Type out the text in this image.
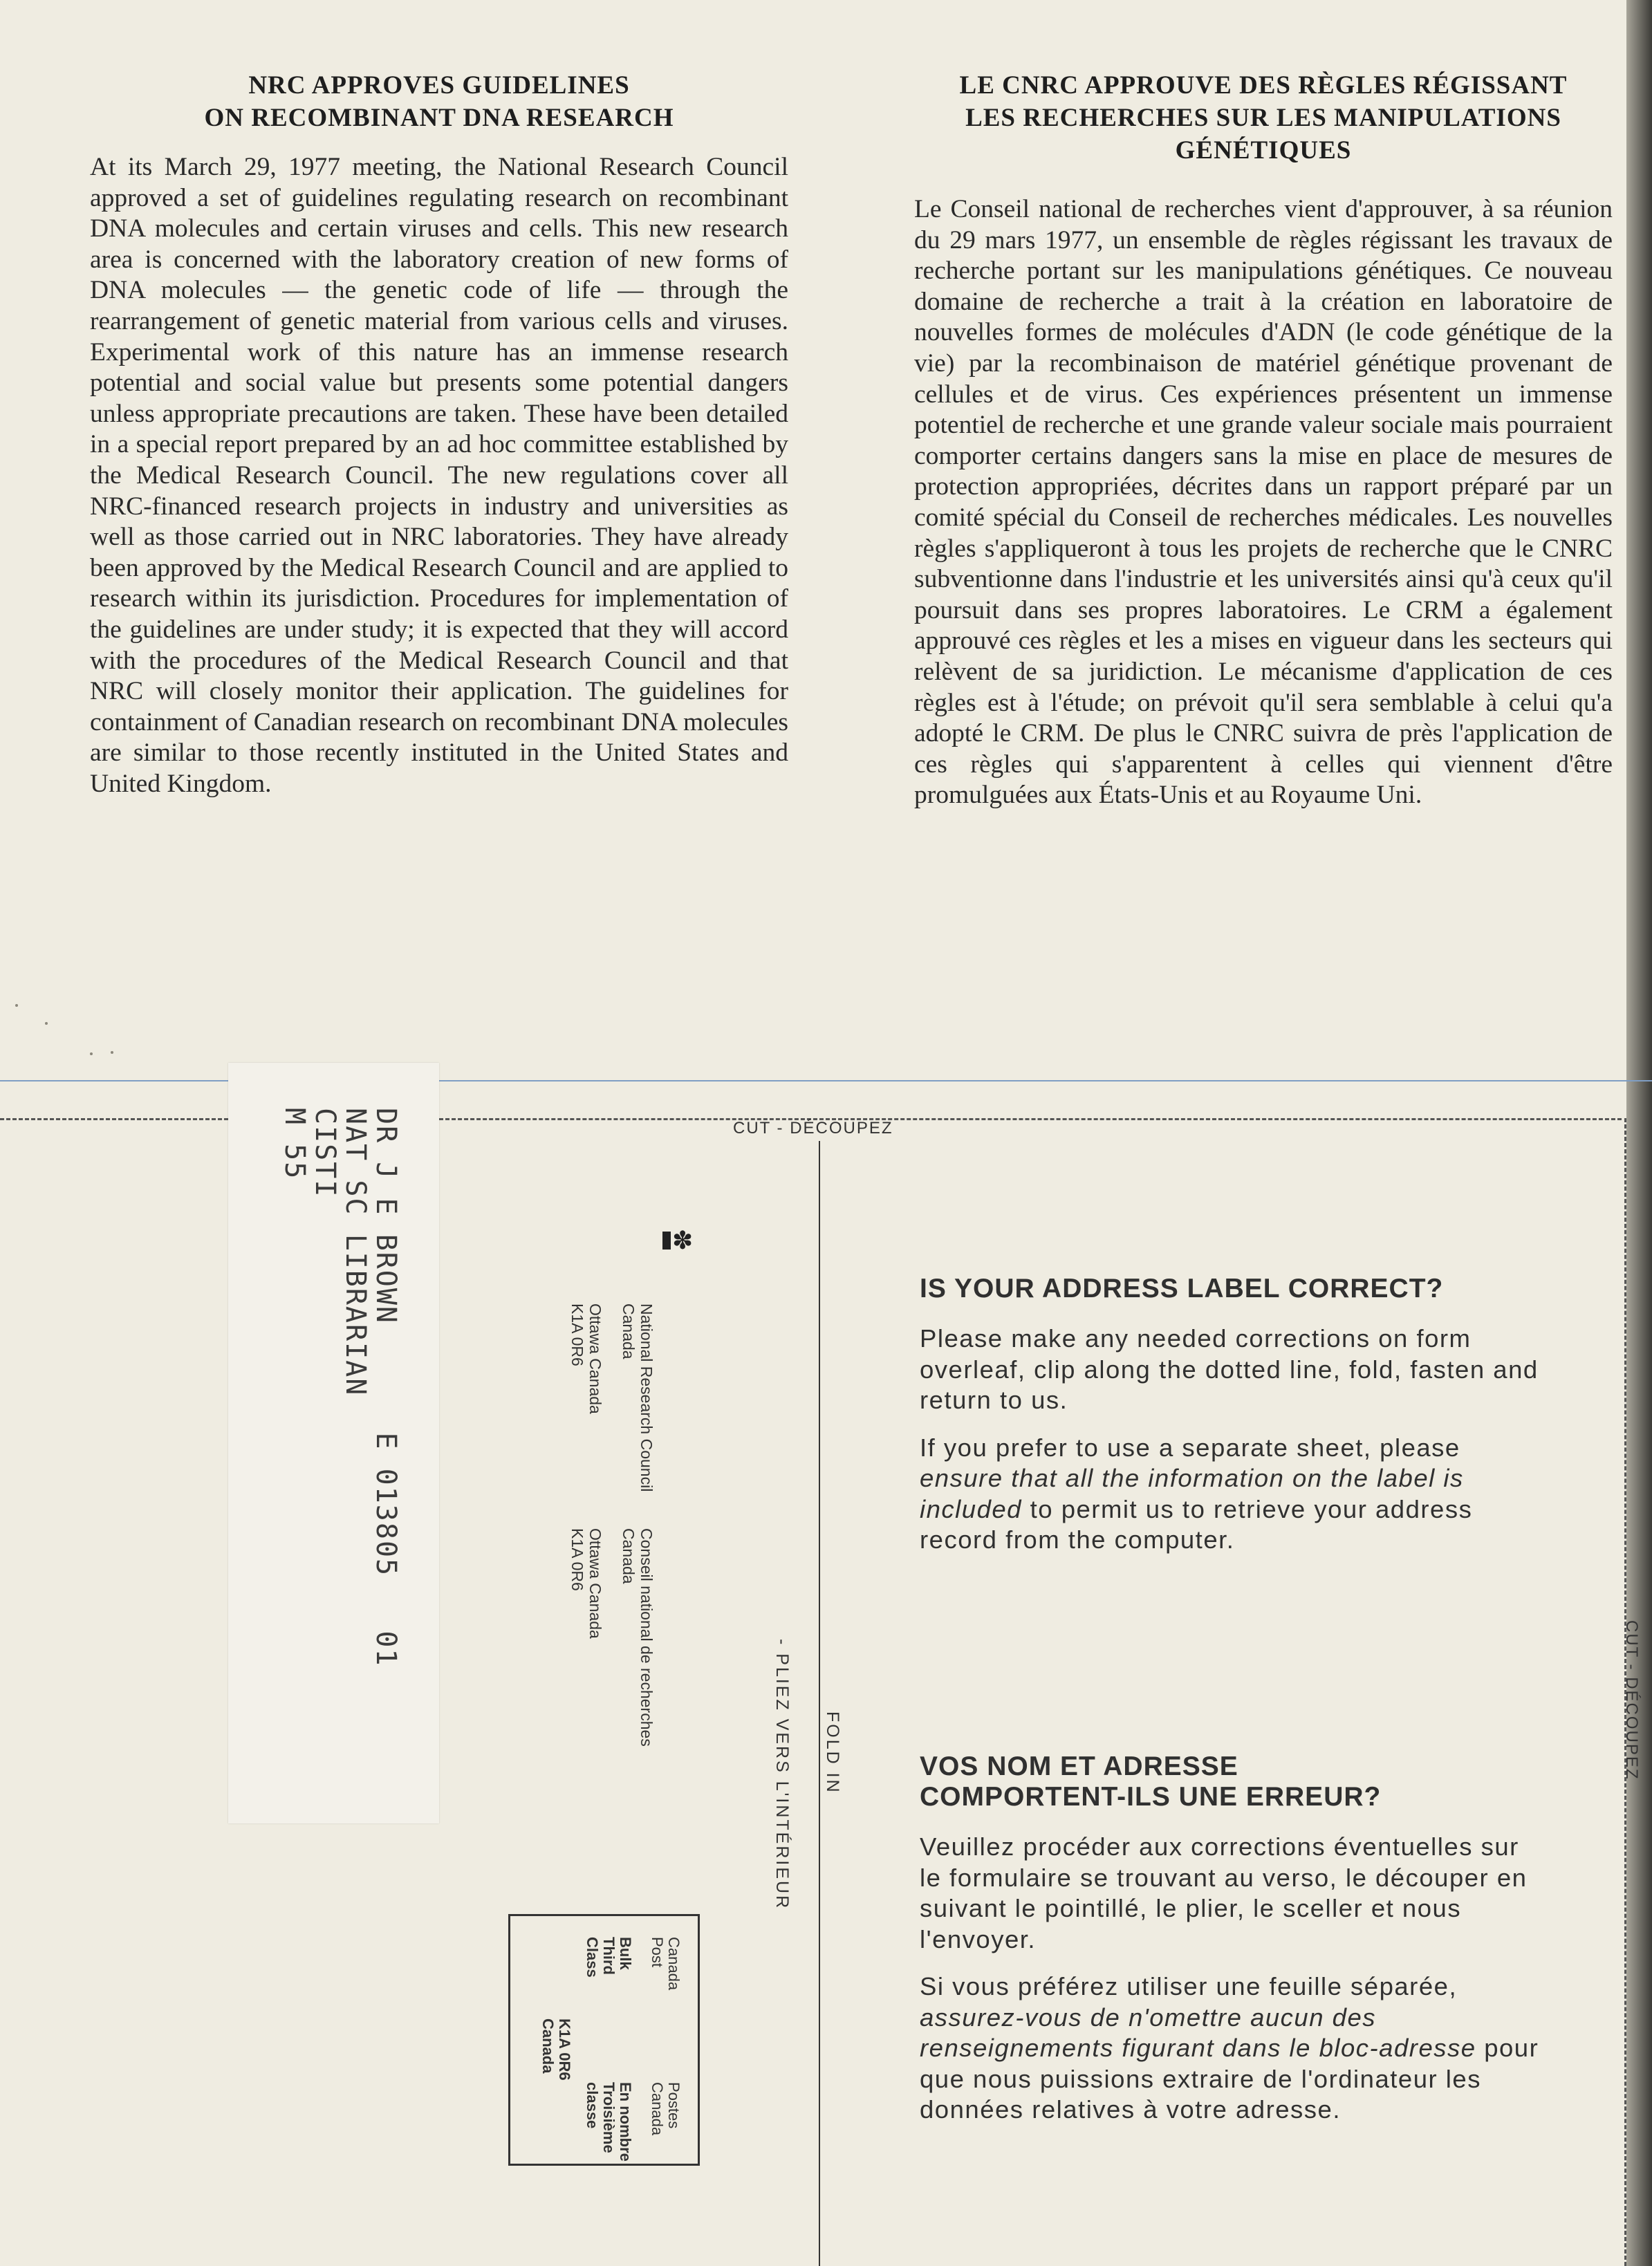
NRC APPROVES GUIDELINES
ON RECOMBINANT DNA RESEARCH

At its March 29, 1977 meeting, the National Research Council approved a set of guidelines regulating research on recombinant DNA molecules and certain viruses and cells. This new research area is concerned with the laboratory creation of new forms of DNA molecules — the genetic code of life — through the rearrangement of genetic material from various cells and viruses. Experimental work of this nature has an immense research potential and social value but presents some potential dangers unless appropriate precautions are taken. These have been detailed in a special report prepared by an ad hoc committee established by the Medical Research Council. The new regulations cover all NRC-financed research projects in industry and universities as well as those carried out in NRC laboratories. They have already been approved by the Medical Research Council and are applied to research within its jurisdiction. Procedures for implementation of the guidelines are under study; it is expected that they will accord with the procedures of the Medical Research Council and that NRC will closely monitor their application. The guidelines for containment of Canadian research on recombinant DNA molecules are similar to those recently instituted in the United States and United Kingdom.

LE CNRC APPROUVE DES RÈGLES RÉGISSANT
LES RECHERCHES SUR LES MANIPULATIONS
GÉNÉTIQUES

Le Conseil national de recherches vient d'approuver, à sa réunion du 29 mars 1977, un ensemble de règles régissant les travaux de recherche portant sur les manipulations génétiques. Ce nouveau domaine de recherche a trait à la création en laboratoire de nouvelles formes de molécules d'ADN (le code génétique de la vie) par la recombinaison de matériel génétique provenant de cellules et de virus. Ces expériences présentent un immense potentiel de recherche et une grande valeur sociale mais pourraient comporter certains dangers sans la mise en place de mesures de protection appropriées, décrites dans un rapport préparé par un comité spécial du Conseil de recherches médicales. Les nouvelles règles s'appliqueront à tous les projets de recherche que le CNRC subventionne dans l'industrie et les universités ainsi qu'à ceux qu'il poursuit dans ses propres laboratoires. Le CRM a également approuvé ces règles et les a mises en vigueur dans les secteurs qui relèvent de sa juridiction. Le mécanisme d'application de ces règles est à l'étude; on prévoit qu'il sera semblable à celui qu'a adopté le CRM. De plus le CNRC suivra de près l'application de ces règles qui s'apparentent à celles qui viennent d'être promulguées aux États-Unis et au Royaume Uni.

CUT - DÉCOUPEZ
CUT - DÉCOUPEZ
DR J E BROWN      E 013805   01
NAT SC LIBRARIAN
CISTI
M 55
✽

National Research Council
Canada
Ottawa Canada
K1A 0R6

Conseil national de recherches
Canada
Ottawa Canada
K1A 0R6

- PLIEZ VERS L'INTÉRIEUR FOLD IN
Canada
Post
Postes
Canada
Bulk
Third
Class
En nombre
Troisième
classe
K1A 0R6
Canada
IS YOUR ADDRESS LABEL CORRECT?

Please make any needed corrections on form overleaf, clip along the dotted line, fold, fasten and return to us.

If you prefer to use a separate sheet, please ensure that all the information on the label is included to permit us to retrieve your address record from the computer.

VOS NOM ET ADRESSE
COMPORTENT-ILS UNE ERREUR?

Veuillez procéder aux corrections éventuelles sur le formulaire se trouvant au verso, le découper en suivant le pointillé, le plier, le sceller et nous l'envoyer.

Si vous préférez utiliser une feuille séparée, assurez-vous de n'omettre aucun des renseignements figurant dans le bloc-adresse pour que nous puissions extraire de l'ordinateur les données relatives à votre adresse.
